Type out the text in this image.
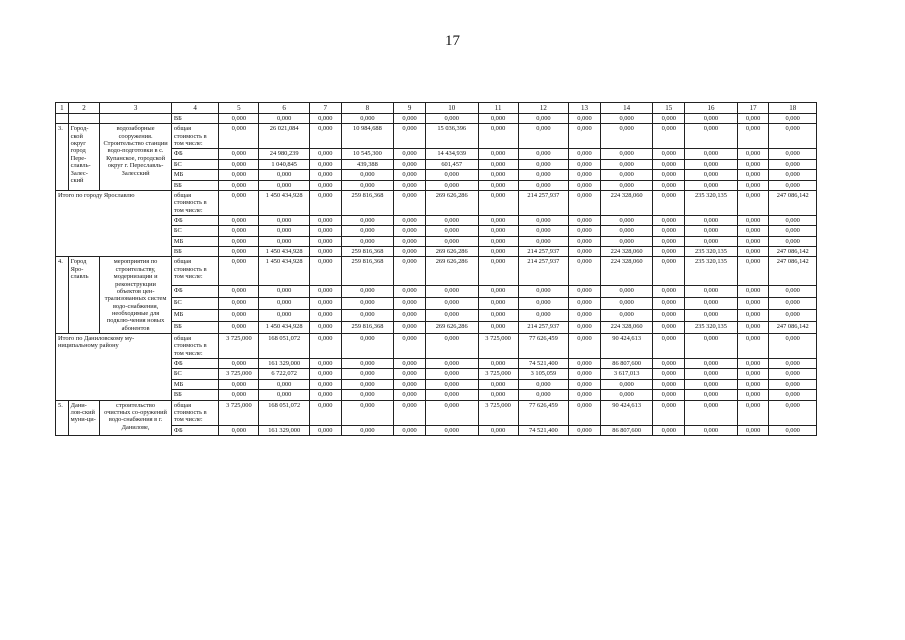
17
1	2	3	4	5	6	7	8	9	10	11	12	13	14	15	16	17	18
			ВБ	0,000	0,000	0,000	0,000	0,000	0,000	0,000	0,000	0,000	0,000	0,000	0,000	0,000	0,000
3.	Город-ской округ город Пере-славль-Залес-ский	водозаборные сооружения. Строительство станции водо-подготовки в с. Купанское, городской округ г. Переславль-Залесский	общая стоимость в том числе:	0,000	26 021,084	0,000	10 984,688	0,000	15 036,396	0,000	0,000	0,000	0,000	0,000	0,000	0,000	0,000
			ФБ	0,000	24 980,239	0,000	10 545,300	0,000	14 434,939	0,000	0,000	0,000	0,000	0,000	0,000	0,000	0,000
			БС	0,000	1 040,845	0,000	439,388	0,000	601,457	0,000	0,000	0,000	0,000	0,000	0,000	0,000	0,000
			МБ	0,000	0,000	0,000	0,000	0,000	0,000	0,000	0,000	0,000	0,000	0,000	0,000	0,000	0,000
			ВБ	0,000	0,000	0,000	0,000	0,000	0,000	0,000	0,000	0,000	0,000	0,000	0,000	0,000	0,000
Итого по городу Ярославлю			общая стоимость в том числе:	0,000	1 450 434,928	0,000	259 816,368	0,000	269 626,286	0,000	214 257,937	0,000	224 328,060	0,000	235 320,135	0,000	247 086,142
			ФБ	0,000	0,000	0,000	0,000	0,000	0,000	0,000	0,000	0,000	0,000	0,000	0,000	0,000	0,000
			БС	0,000	0,000	0,000	0,000	0,000	0,000	0,000	0,000	0,000	0,000	0,000	0,000	0,000	0,000
			МБ	0,000	0,000	0,000	0,000	0,000	0,000	0,000	0,000	0,000	0,000	0,000	0,000	0,000	0,000
			ВБ	0,000	1 450 434,928	0,000	259 816,368	0,000	269 626,286	0,000	214 257,937	0,000	224 328,060	0,000	235 320,135	0,000	247 086,142
4.	Город Яро-славль	мероприятия по строительству, модернизации и реконструкции объектов цен-трализованных систем водо-снабжения, необходимые для подклю-чения новых абонентов	общая стоимость в том числе:	0,000	1 450 434,928	0,000	259 816,368	0,000	269 626,286	0,000	214 257,937	0,000	224 328,060	0,000	235 320,135	0,000	247 086,142
			ФБ	0,000	0,000	0,000	0,000	0,000	0,000	0,000	0,000	0,000	0,000	0,000	0,000	0,000	0,000
			БС	0,000	0,000	0,000	0,000	0,000	0,000	0,000	0,000	0,000	0,000	0,000	0,000	0,000	0,000
			МБ	0,000	0,000	0,000	0,000	0,000	0,000	0,000	0,000	0,000	0,000	0,000	0,000	0,000	0,000
			ВБ	0,000	1 450 434,928	0,000	259 816,368	0,000	269 626,286	0,000	214 257,937	0,000	224 328,060	0,000	235 320,135	0,000	247 086,142
Итого по Даниловскому му-ниципальному району			общая стоимость в том числе:	3 725,000	168 051,072	0,000	0,000	0,000	0,000	3 725,000	77 626,459	0,000	90 424,613	0,000	0,000	0,000	0,000
			ФБ	0,000	161 329,000	0,000	0,000	0,000	0,000	0,000	74 521,400	0,000	86 807,600	0,000	0,000	0,000	0,000
			БС	3 725,000	6 722,072	0,000	0,000	0,000	0,000	3 725,000	3 105,059	0,000	3 617,013	0,000	0,000	0,000	0,000
			МБ	0,000	0,000	0,000	0,000	0,000	0,000	0,000	0,000	0,000	0,000	0,000	0,000	0,000	0,000
			ВБ	0,000	0,000	0,000	0,000	0,000	0,000	0,000	0,000	0,000	0,000	0,000	0,000	0,000	0,000
5.	Дани-лов-ский муни-ци-	строительство очистных со-оружений водо-снабжения в г. Данилове,	общая стоимость в том числе:	3 725,000	168 051,072	0,000	0,000	0,000	0,000	3 725,000	77 626,459	0,000	90 424,613	0,000	0,000	0,000	0,000
			ФБ	0,000	161 329,000	0,000	0,000	0,000	0,000	0,000	74 521,400	0,000	86 807,600	0,000	0,000	0,000	0,000
